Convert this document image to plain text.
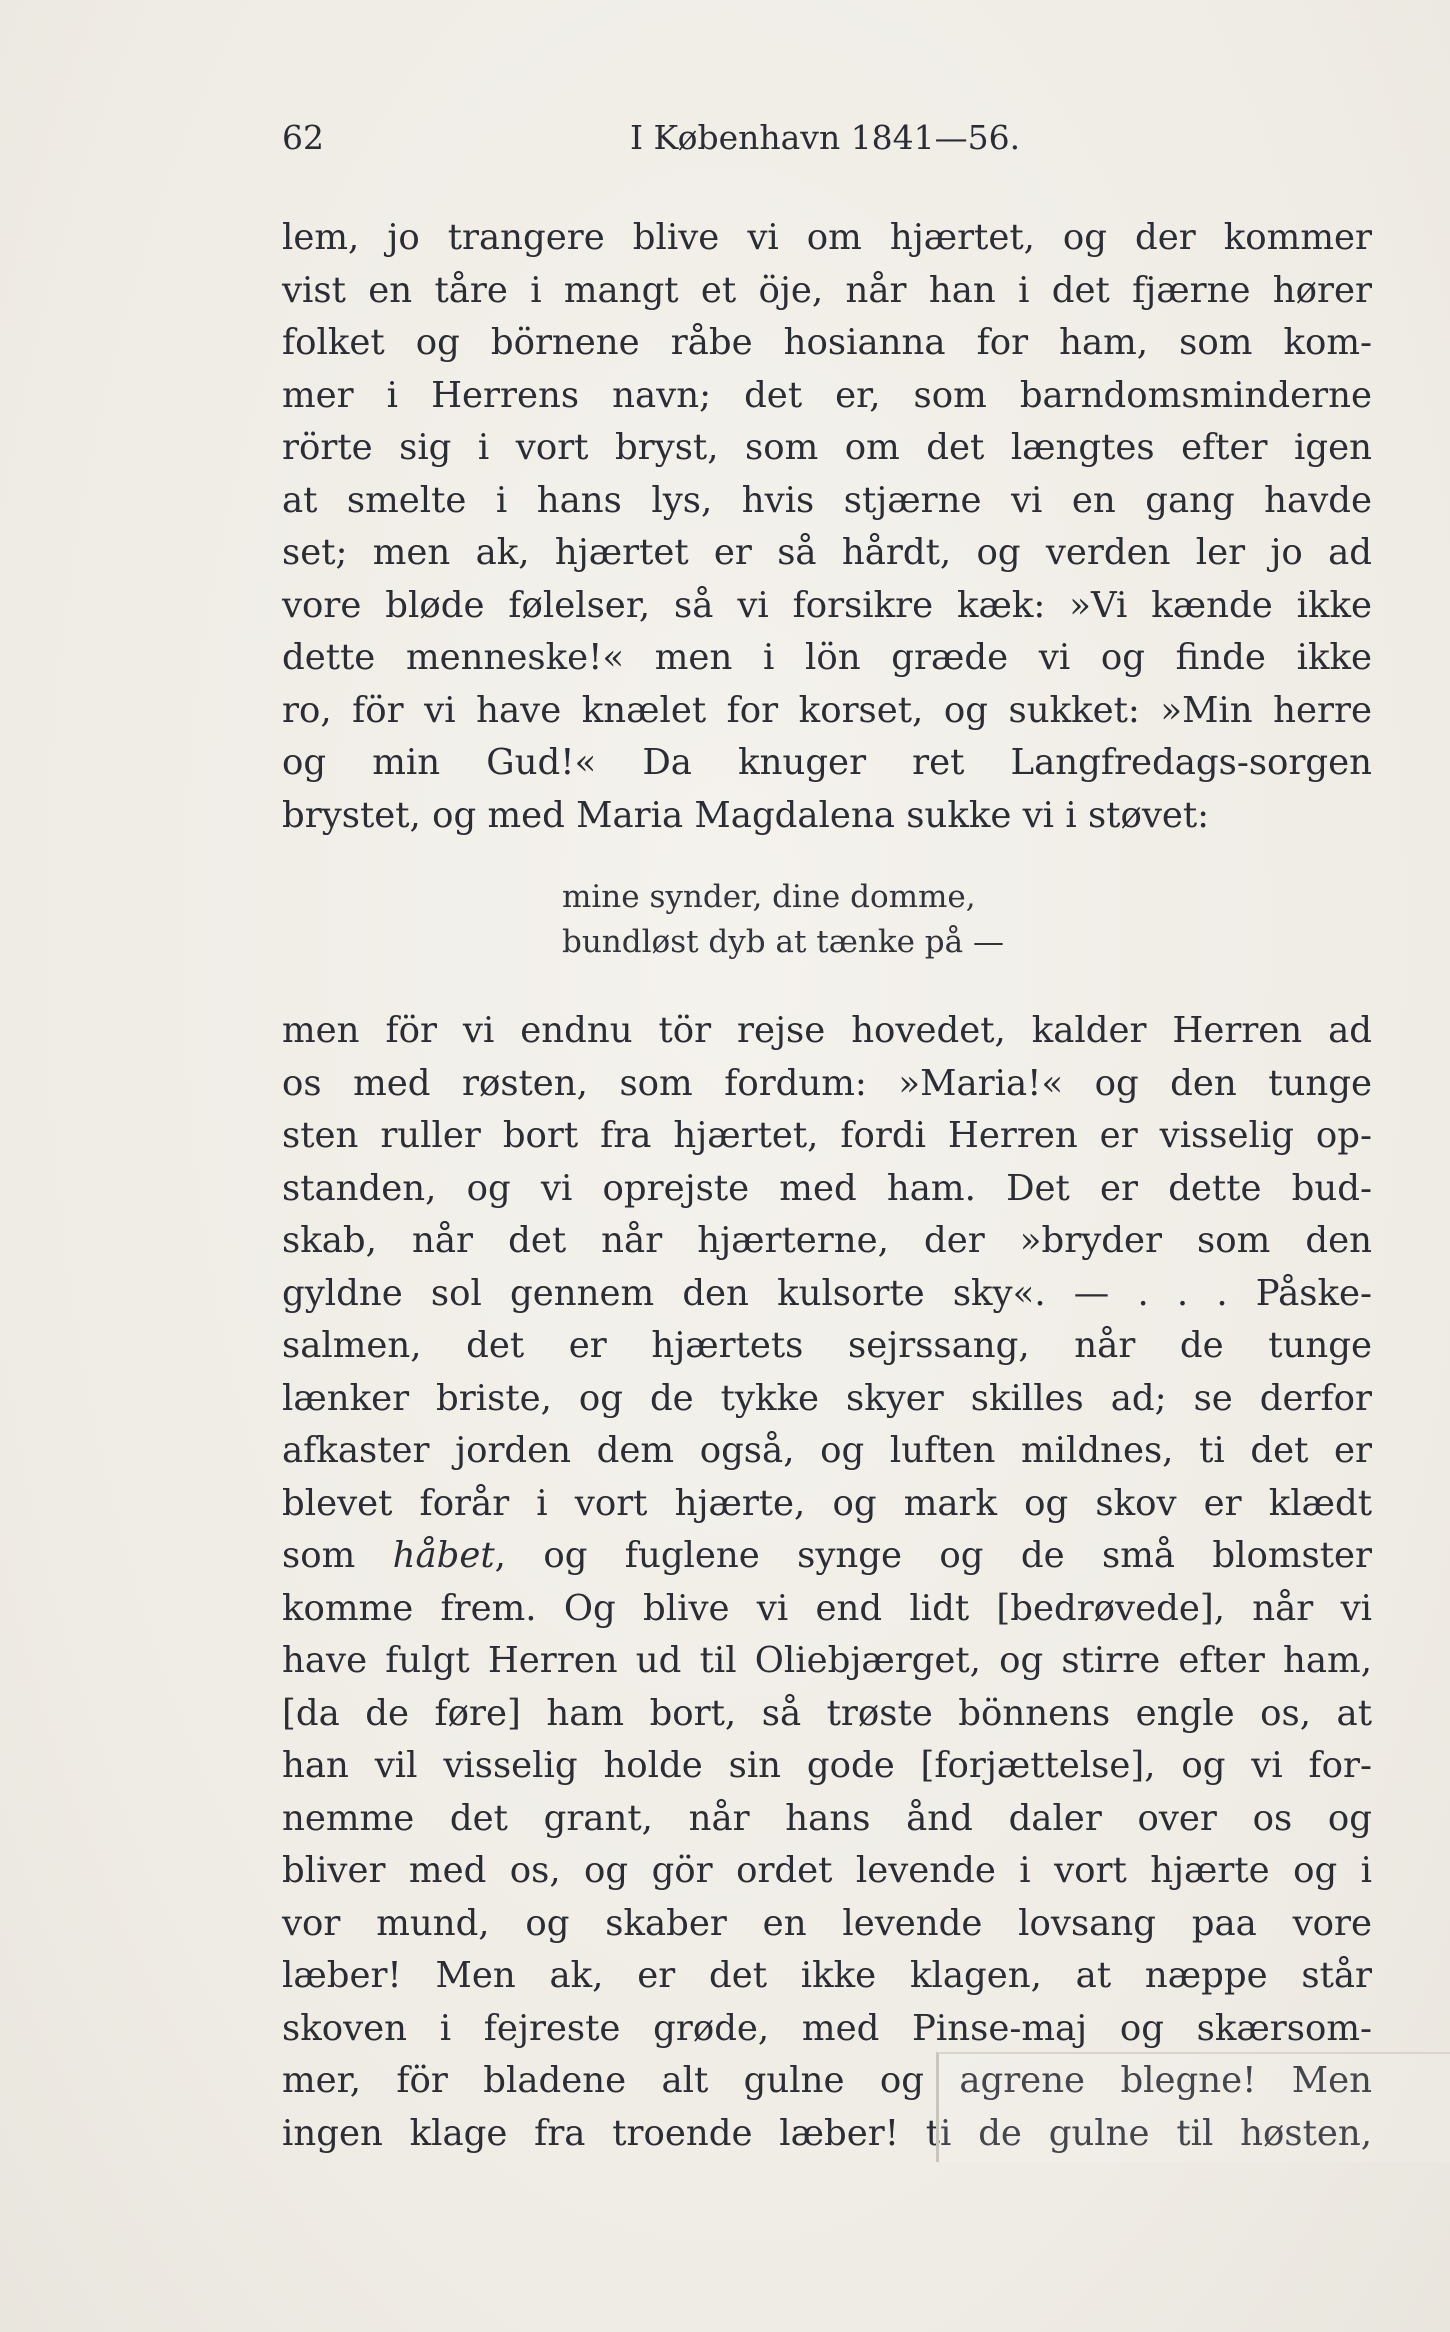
62	I København 1841—56.
lem, jo trangere blive vi om hjærtet, og der kommer
vist en tåre i mangt et öje, når han i det fjærne hører
folket og börnene råbe hosianna for ham, som kom-
mer i Herrens navn; det er, som barndomsminderne
rörte sig i vort bryst, som om det længtes efter igen
at smelte i hans lys, hvis stjærne vi en gang havde
set; men ak, hjærtet er så hårdt, og verden ler jo ad
vore bløde følelser, så vi forsikre kæk: »Vi kænde ikke
dette menneske!« men i lön græde vi og finde ikke
ro, för vi have knælet for korset, og sukket: »Min herre
og min Gud!« Da knuger ret Langfredags-sorgen
brystet, og med Maria Magdalena sukke vi i støvet:
mine synder, dine domme,
bundløst dyb at tænke på —
men för vi endnu tör rejse hovedet, kalder Herren ad
os med røsten, som fordum: »Maria!« og den tunge
sten ruller bort fra hjærtet, fordi Herren er visselig op-
standen, og vi oprejste med ham. Det er dette bud-
skab, når det når hjærterne, der »bryder som den
gyldne sol gennem den kulsorte sky«. — . . . Påske-
salmen, det er hjærtets sejrssang, når de tunge
lænker briste, og de tykke skyer skilles ad; se derfor
afkaster jorden dem også, og luften mildnes, ti det er
blevet forår i vort hjærte, og mark og skov er klædt
som håbet, og fuglene synge og de små blomster
komme frem. Og blive vi end lidt [bedrøvede], når vi
have fulgt Herren ud til Oliebjærget, og stirre efter ham,
[da de føre] ham bort, så trøste bönnens engle os, at
han vil visselig holde sin gode [forjættelse], og vi for-
nemme det grant, når hans ånd daler over os og
bliver med os, og gör ordet levende i vort hjærte og i
vor mund, og skaber en levende lovsang paa vore
læber! Men ak, er det ikke klagen, at næppe står
skoven i fejreste grøde, med Pinse-maj og skærsom-
mer, för bladene alt gulne og agrene blegne! Men
ingen klage fra troende læber! ti de gulne til høsten,
